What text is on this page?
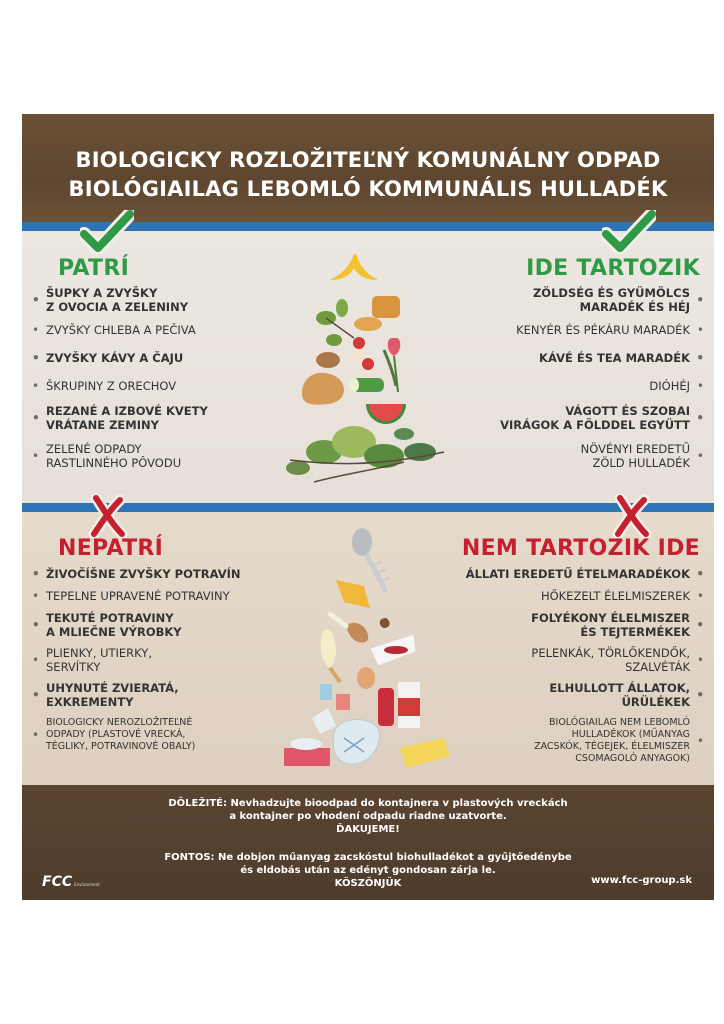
BIOLOGICKY ROZLOŽITEĽNÝ KOMUNÁLNY ODPAD
BIOLÓGIAILAG LEBOMLÓ KOMMUNÁLIS HULLADÉK
PATRÍ	IDE TARTOZIK
• ŠUPKY A ZVYŠKY
Z OVOCIA A ZELENINY
• ZVYŠKY CHLEBA A PEČIVA
• ZVYŠKY KÁVY A ČAJU
• ŠKRUPINY Z ORECHOV
• REZANÉ A IZBOVÉ KVETY
VRÁTANE ZEMINY
• ZELENÉ ODPADY
RASTLINNÉHO PÔVODU
ZÖLDSÉG ÉS GYÜMÖLCS
MARADÉK ÉS HÉJ •
KENYÉR ÉS PÉKÁRU MARADÉK •
KÁVÉ ÉS TEA MARADÉK •
DIÓHÉJ •
VÁGOTT ÉS SZOBAI
VIRÁGOK A FÖLDDEL EGYÜTT •
NÖVÉNYI EREDETŰ
ZÖLD HULLADÉK •
NEPATRÍ	NEM TARTOZIK IDE
• ŽIVOČÍŠNE ZVYŠKY POTRAVÍN
• TEPELNE UPRAVENÉ POTRAVINY
• TEKUTÉ POTRAVINY
A MLIEČNE VÝROBKY
• PLIENKY, UTIERKY,
SERVÍTKY
• UHYNUTÉ ZVIERATÁ,
EXKREMENTY
• BIOLOGICKY NEROZLOŽITEĽNÉ
ODPADY (PLASTOVÉ VRECKÁ,
TÉGLIKY, POTRAVINOVÉ OBALY)
ÁLLATI EREDETŰ ÉTELMARADÉKOK •
HŐKEZELT ÉLELMISZEREK •
FOLYÉKONY ÉLELMISZER
ÉS TEJTERMÉKEK •
PELENKÁK, TÖRLŐKENDŐK,
SZALVÉTÁK •
ELHULLOTT ÁLLATOK,
ÜRÜLÉKEK •
BIOLÓGIAILAG NEM LEBOMLÓ
HULLADÉKOK (MŰANYAG
ZACSKÓK, TÉGEJEK, ÉLELMISZER
CSOMAGOLÓ ANYAGOK) •
DÔLEŽITÉ: Nevhadzujte bioodpad do kontajnera v plastových vreckách
a kontajner po vhodení odpadu riadne uzatvorte.
ĎAKUJEME!
FONTOS: Ne dobjon műanyag zacskóstul biohulladékot a gyűjtőedénybe
és eldobás után az edényt gondosan zárja le.
KÖSZÖNJÜK
FCC Environment	www.fcc-group.sk
